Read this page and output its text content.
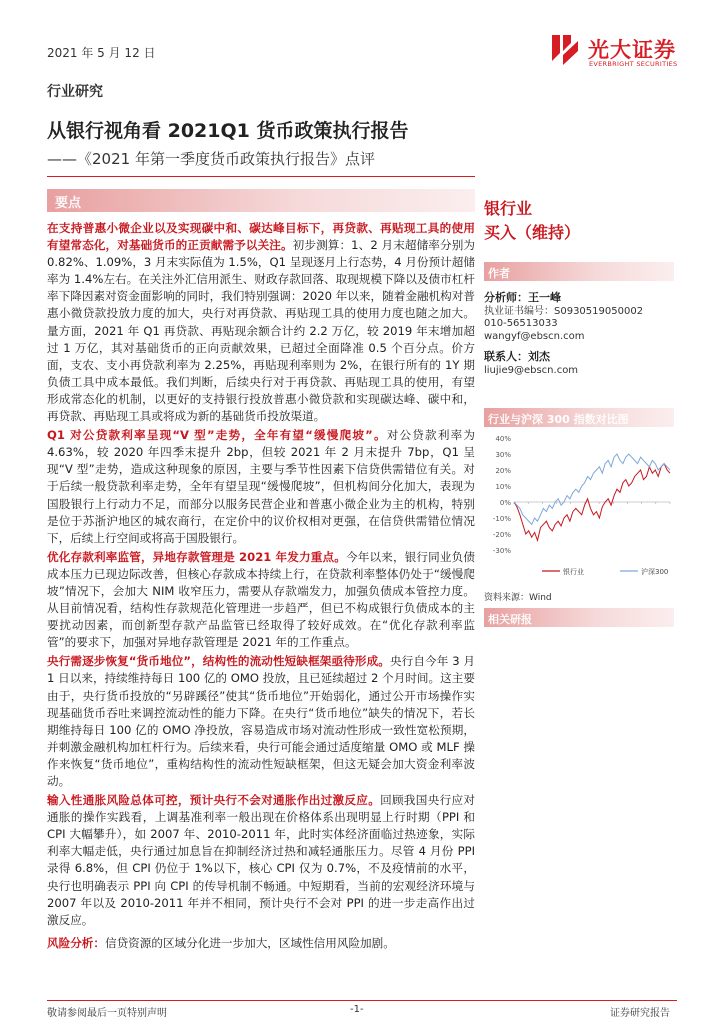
2021 年 5 月 12 日	光大证券
EVERBRIGHT SECURITIES
行业研究
从银行视角看 2021Q1 货币政策执行报告
——《2021 年第一季度货币政策执行报告》点评
要点

在支持普惠小微企业以及实现碳中和、碳达峰目标下，再贷款、再贴现工具的使用有望常态化，对基础货币的正贡献需予以关注。初步测算：1、2 月末超储率分别为 0.82%、1.09%，3 月末实际值为 1.5%，Q1 呈现逐月上行态势，4 月份预计超储率为 1.4%左右。在关注外汇信用派生、财政存款回落、取现规模下降以及债市杠杆率下降因素对资金面影响的同时，我们特别强调：2020 年以来，随着金融机构对普惠小微贷款投放力度的加大，央行对再贷款、再贴现工具的使用力度也随之加大。量方面，2021 年 Q1 再贷款、再贴现余额合计约 2.2 万亿，较 2019 年末增加超过 1 万亿，其对基础货币的正向贡献效果，已超过全面降准 0.5 个百分点。价方面，支农、支小再贷款利率为 2.25%，再贴现利率则为 2%，在银行所有的 1Y 期负债工具中成本最低。我们判断，后续央行对于再贷款、再贴现工具的使用，有望形成常态化的机制，以更好的支持银行投放普惠小微贷款和实现碳达峰、碳中和，再贷款、再贴现工具或将成为新的基础货币投放渠道。

Q1 对公贷款利率呈现“V 型”走势，全年有望“缓慢爬坡”。对公贷款利率为 4.63%，较 2020 年四季末提升 2bp，但较 2021 年 2 月末提升 7bp，Q1 呈现“V 型”走势，造成这种现象的原因，主要与季节性因素下信贷供需错位有关。对于后续一般贷款利率走势，全年有望呈现“缓慢爬坡”，但机构间分化加大，表现为国股银行上行动力不足，而部分以服务民营企业和普惠小微企业为主的机构，特别是位于苏浙沪地区的城农商行，在定价中的议价权相对更强，在信贷供需错位情况下，后续上行空间或将高于国股银行。

优化存款利率监管，异地存款管理是 2021 年发力重点。今年以来，银行同业负债成本压力已现边际改善，但核心存款成本持续上行，在贷款利率整体仍处于“缓慢爬坡”情况下，会加大 NIM 收窄压力，需要从存款端发力，加强负债成本管控力度。从目前情况看，结构性存款规范化管理进一步趋严，但已不构成银行负债成本的主要扰动因素，而创新型存款产品监管已经取得了较好成效。在“优化存款利率监管”的要求下，加强对异地存款管理是 2021 年的工作重点。

央行需逐步恢复“货币地位”，结构性的流动性短缺框架亟待形成。央行自今年 3 月 1 日以来，持续维持每日 100 亿的 OMO 投放，且已延续超过 2 个月时间。这主要由于，央行货币投放的“另辟蹊径”使其“货币地位”开始弱化，通过公开市场操作实现基础货币吞吐来调控流动性的能力下降。在央行“货币地位”缺失的情况下，若长期维持每日 100 亿的 OMO 净投放，容易造成市场对流动性形成一致性宽松预期，并刺激金融机构加杠杆行为。后续来看，央行可能会通过适度缩量 OMO 或 MLF 操作来恢复“货币地位”，重构结构性的流动性短缺框架，但这无疑会加大资金利率波动。

输入性通胀风险总体可控，预计央行不会对通胀作出过激反应。回顾我国央行应对通胀的操作实践看，上调基准利率一般出现在价格体系出现明显上行时期（PPI 和 CPI 大幅攀升），如 2007 年、2010-2011 年，此时实体经济面临过热迹象，实际利率大幅走低，央行通过加息旨在抑制经济过热和减轻通胀压力。尽管 4 月份 PPI 录得 6.8%，但 CPI 仍位于 1%以下，核心 CPI 仅为 0.7%，不及疫情前的水平，央行也明确表示 PPI 向 CPI 的传导机制不畅通。中短期看，当前的宏观经济环境与 2007 年以及 2010-2011 年并不相同，预计央行不会对 PPI 的进一步走高作出过激反应。

风险分析：信贷资源的区域分化进一步加大，区域性信用风险加剧。

银行业
买入（维持）
作者
分析师：王一峰
执业证书编号：S0930519050002
010-56513033
wangyf@ebscn.com
联系人：刘杰
liujie9@ebscn.com
行业与沪深 300 指数对比图
40%
30%
20%
10%
0%
-10%
-20%
-30%
银行业	沪深300
资料来源：Wind
相关研报
敬请参阅最后一页特别声明	-1-	证券研究报告
